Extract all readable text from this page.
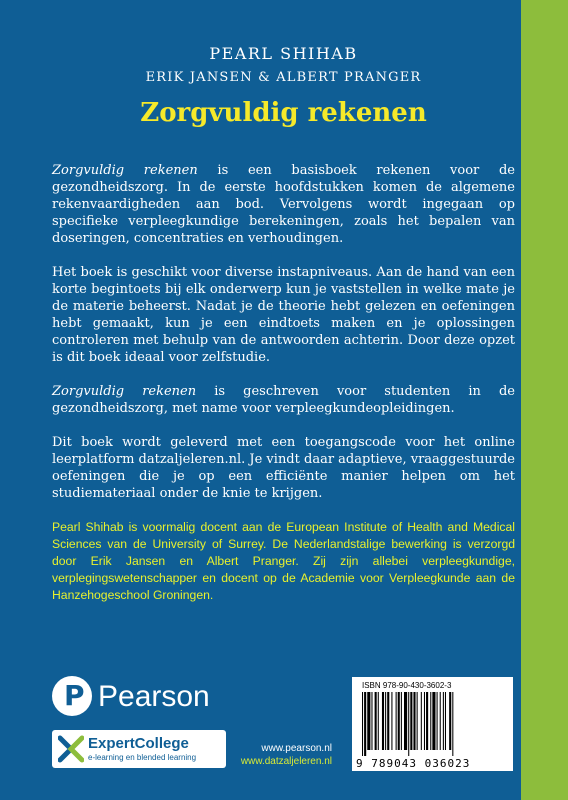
PEARL SHIHAB
ERIK JANSEN & ALBERT PRANGER
Zorgvuldig rekenen

Zorgvuldig rekenen is een basisboek rekenen voor de gezondheidszorg. In de eerste hoofdstukken komen de algemene rekenvaardigheden aan bod. Vervolgens wordt ingegaan op specifieke verpleegkundige berekeningen, zoals het bepalen van doseringen, concentraties en verhoudingen.

Het boek is geschikt voor diverse instapniveaus. Aan de hand van een korte begintoets bij elk onderwerp kun je vaststellen in welke mate je de materie beheerst. Nadat je de theorie hebt gelezen en oefeningen hebt gemaakt, kun je een eindtoets maken en je oplossingen controleren met behulp van de antwoorden achterin. Door deze opzet is dit boek ideaal voor zelfstudie.

Zorgvuldig rekenen is geschreven voor studenten in de gezondheidszorg, met name voor verpleegkundeopleidingen.

Dit boek wordt geleverd met een toegangscode voor het online leerplatform datzaljeleren.nl. Je vindt daar adaptieve, vraaggestuurde oefeningen die je op een efficiënte manier helpen om het studiemateriaal onder de knie te krijgen.

Pearl Shihab is voormalig docent aan de European Institute of Health and Medical Sciences van de University of Surrey. De Nederlandstalige bewerking is verzorgd door Erik Jansen en Albert Pranger. Zij zijn allebei verpleegkundige, verplegingswetenschapper en docent op de Academie voor Verpleegkunde aan de Hanzehogeschool Groningen.

P Pearson
ExpertCollege
e-learning en blended learning
www.pearson.nl
www.datzaljeleren.nl
ISBN 978-90-430-3602-3
9 789043 036023
